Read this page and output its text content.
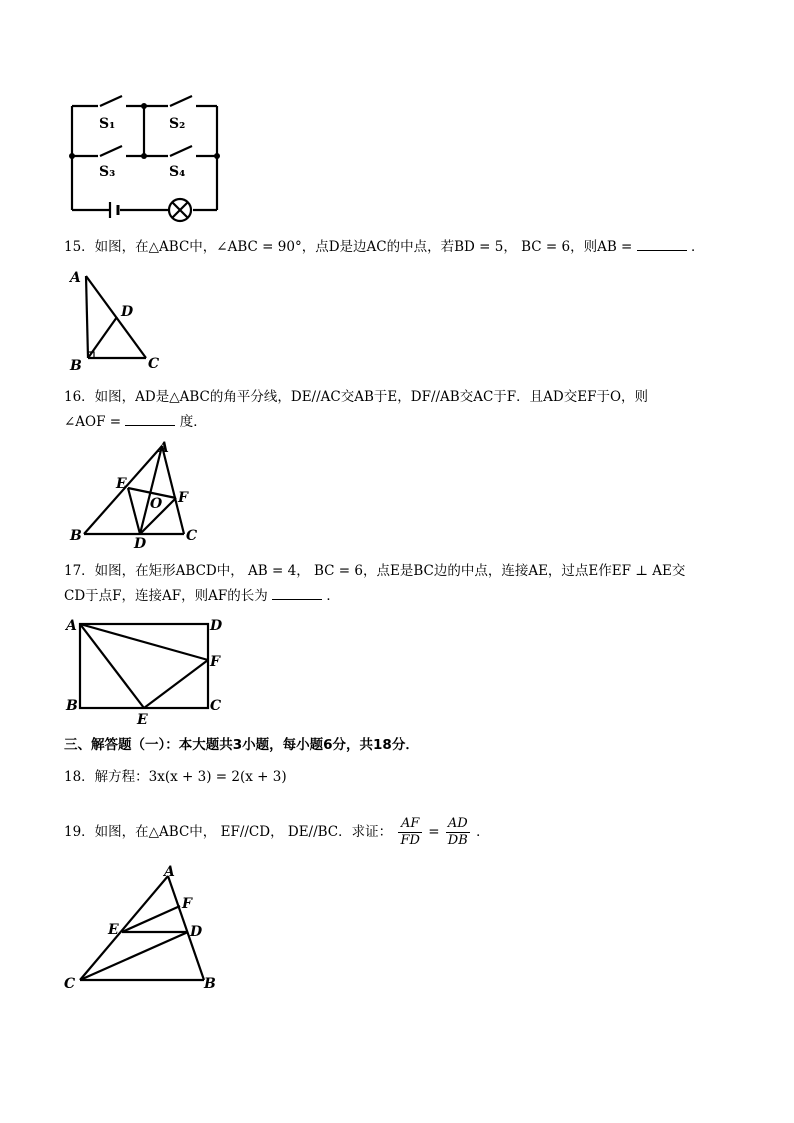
S₁	S₂
S₃	S₄
15．如图，在△ABC中，∠ABC = 90°，点D是边AC的中点，若BD = 5， BC = 6，则AB =	．
A
D
B	C
16．如图，AD是△ABC的角平分线，DE//AC交AB于E，DF//AB交AC于F．且AD交EF于O，则
∠AOF =	度．
A
E
F
O
B	C
D
17．如图，在矩形ABCD中， AB = 4， BC = 6，点E是BC边的中点，连接AE，过点E作EF ⊥ AE交
CD于点F，连接AF，则AF的长为	．
A	D
F
B	C
E
三、解答题（一）：本大题共3小题，每小题6分，共18分．
18．解方程：3x(x + 3) = 2(x + 3)
19．如图，在△ABC中， EF//CD， DE//BC．求证： $\frac{AF}{FD} = \frac{AD}{DB}$ ．
A
F
E	D
C	B
